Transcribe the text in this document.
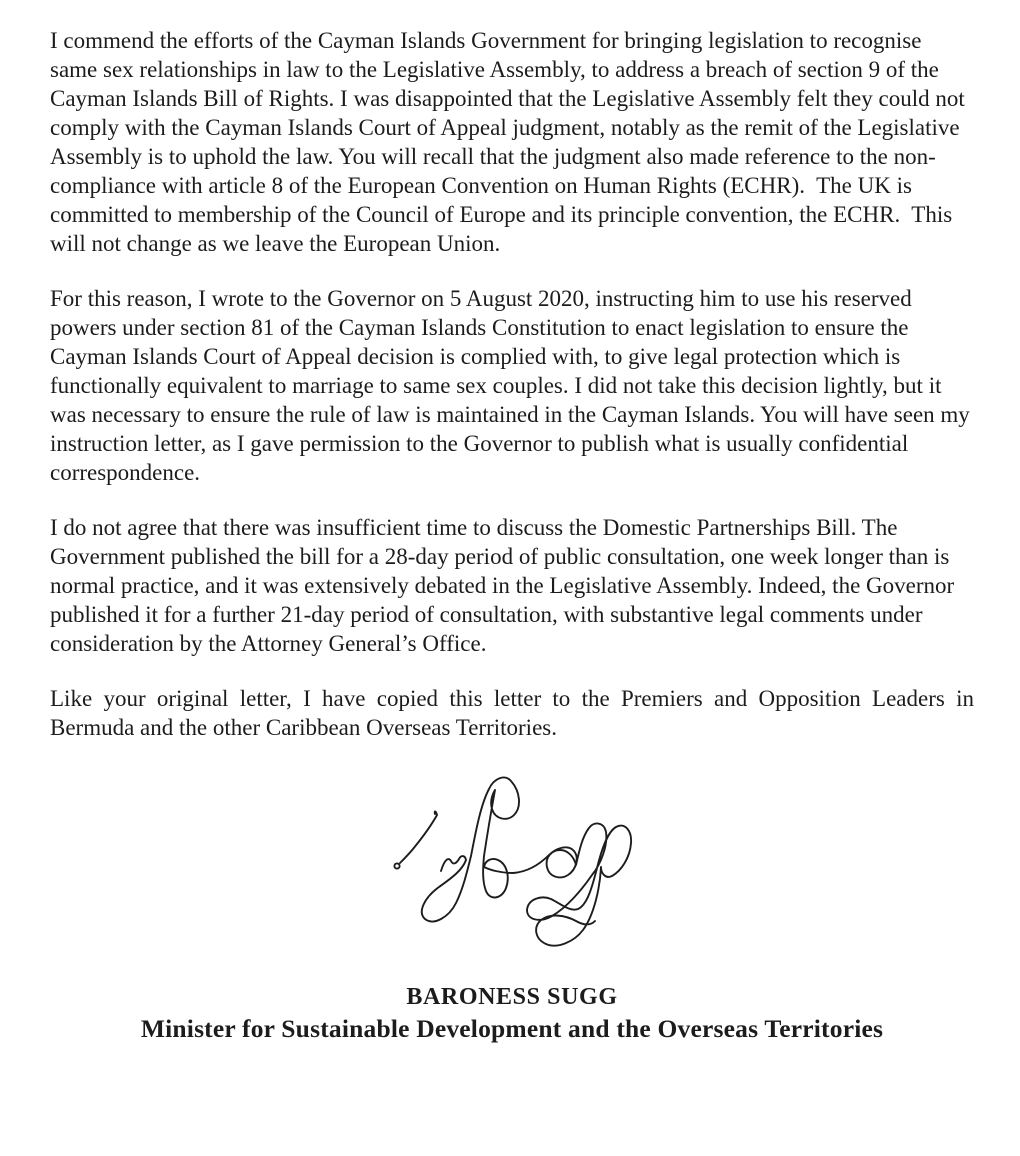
I commend the efforts of the Cayman Islands Government for bringing legislation to recognise same sex relationships in law to the Legislative Assembly, to address a breach of section 9 of the Cayman Islands Bill of Rights. I was disappointed that the Legislative Assembly felt they could not comply with the Cayman Islands Court of Appeal judgment, notably as the remit of the Legislative Assembly is to uphold the law. You will recall that the judgment also made reference to the non-compliance with article 8 of the European Convention on Human Rights (ECHR).  The UK is committed to membership of the Council of Europe and its principle convention, the ECHR.  This will not change as we leave the European Union.

For this reason, I wrote to the Governor on 5 August 2020, instructing him to use his reserved powers under section 81 of the Cayman Islands Constitution to enact legislation to ensure the Cayman Islands Court of Appeal decision is complied with, to give legal protection which is functionally equivalent to marriage to same sex couples. I did not take this decision lightly, but it was necessary to ensure the rule of law is maintained in the Cayman Islands. You will have seen my instruction letter, as I gave permission to the Governor to publish what is usually confidential correspondence.

I do not agree that there was insufficient time to discuss the Domestic Partnerships Bill. The Government published the bill for a 28-day period of public consultation, one week longer than is normal practice, and it was extensively debated in the Legislative Assembly. Indeed, the Governor published it for a further 21-day period of consultation, with substantive legal comments under consideration by the Attorney General’s Office.

Like your original letter, I have copied this letter to the Premiers and Opposition Leaders in Bermuda and the other Caribbean Overseas Territories.

BARONESS SUGG
Minister for Sustainable Development and the Overseas Territories
